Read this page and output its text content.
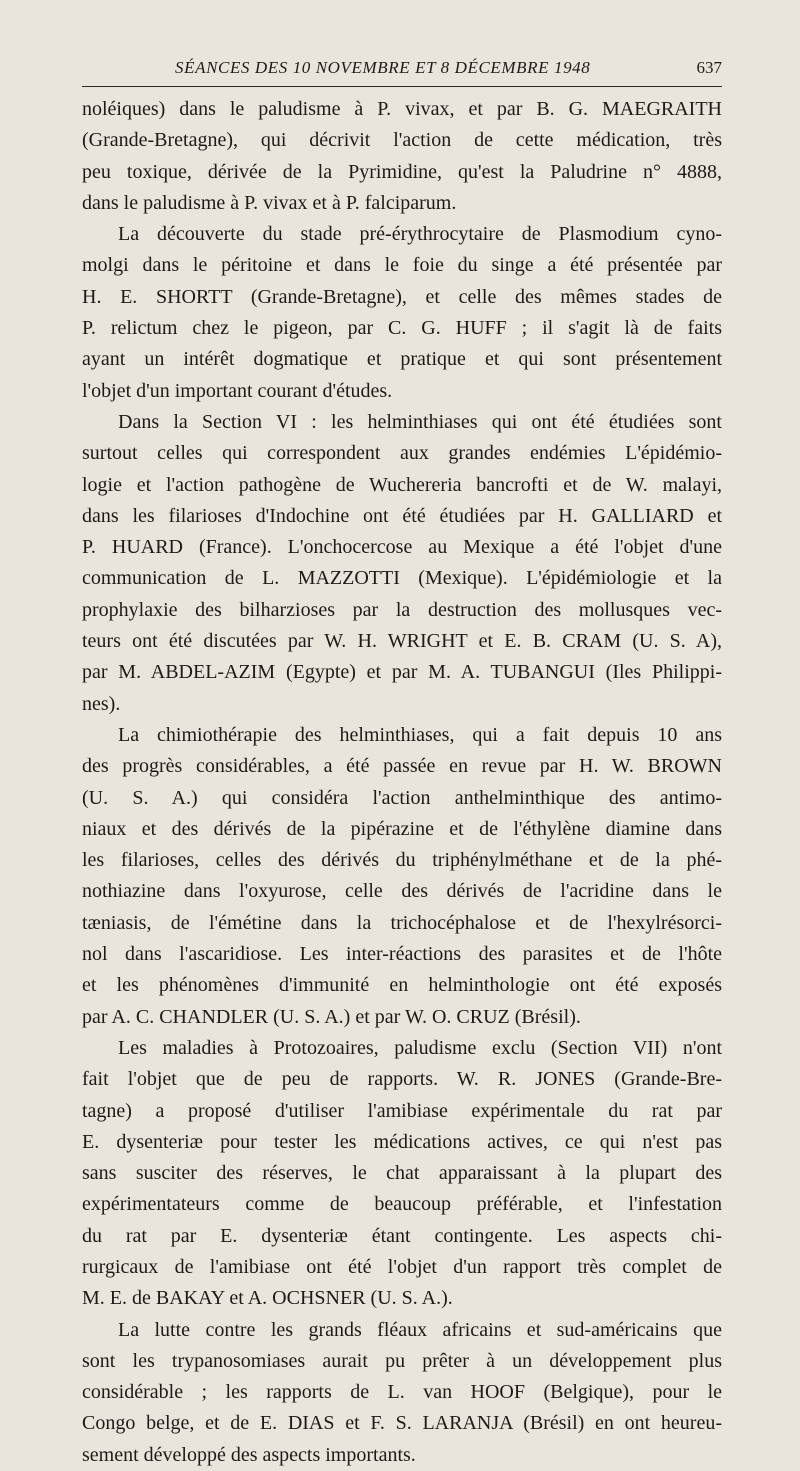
SÉANCES DES 10 NOVEMBRE ET 8 DÉCEMBRE 1948	637
noléiques) dans le paludisme à P. vivax, et par B. G. MAEGRAITH
(Grande-Bretagne), qui décrivit l'action de cette médication, très
peu toxique, dérivée de la Pyrimidine, qu'est la Paludrine n° 4888,
dans le paludisme à P. vivax et à P. falciparum.
La découverte du stade pré-érythrocytaire de Plasmodium cyno-
molgi dans le péritoine et dans le foie du singe a été présentée par
H. E. SHORTT (Grande-Bretagne), et celle des mêmes stades de
P. relictum chez le pigeon, par C. G. HUFF ; il s'agit là de faits
ayant un intérêt dogmatique et pratique et qui sont présentement
l'objet d'un important courant d'études.
Dans la Section VI : les helminthiases qui ont été étudiées sont
surtout celles qui correspondent aux grandes endémies L'épidémio-
logie et l'action pathogène de Wuchereria bancrofti et de W. malayi,
dans les filarioses d'Indochine ont été étudiées par H. GALLIARD et
P. HUARD (France). L'onchocercose au Mexique a été l'objet d'une
communication de L. MAZZOTTI (Mexique). L'épidémiologie et la
prophylaxie des bilharzioses par la destruction des mollusques vec-
teurs ont été discutées par W. H. WRIGHT et E. B. CRAM (U. S. A),
par M. ABDEL-AZIM (Egypte) et par M. A. TUBANGUI (Iles Philippi-
nes).
La chimiothérapie des helminthiases, qui a fait depuis 10 ans
des progrès considérables, a été passée en revue par H. W. BROWN
(U. S. A.) qui considéra l'action anthelminthique des antimo-
niaux et des dérivés de la pipérazine et de l'éthylène diamine dans
les filarioses, celles des dérivés du triphénylméthane et de la phé-
nothiazine dans l'oxyurose, celle des dérivés de l'acridine dans le
tæniasis, de l'émétine dans la trichocéphalose et de l'hexylrésorci-
nol dans l'ascaridiose. Les inter-réactions des parasites et de l'hôte
et les phénomènes d'immunité en helminthologie ont été exposés
par A. C. CHANDLER (U. S. A.) et par W. O. CRUZ (Brésil).
Les maladies à Protozoaires, paludisme exclu (Section VII) n'ont
fait l'objet que de peu de rapports. W. R. JONES (Grande-Bre-
tagne) a proposé d'utiliser l'amibiase expérimentale du rat par
E. dysenteriæ pour tester les médications actives, ce qui n'est pas
sans susciter des réserves, le chat apparaissant à la plupart des
expérimentateurs comme de beaucoup préférable, et l'infestation
du rat par E. dysenteriæ étant contingente. Les aspects chi-
rurgicaux de l'amibiase ont été l'objet d'un rapport très complet de
M. E. de BAKAY et A. OCHSNER (U. S. A.).
La lutte contre les grands fléaux africains et sud-américains que
sont les trypanosomiases aurait pu prêter à un développement plus
considérable ; les rapports de L. van HOOF (Belgique), pour le
Congo belge, et de E. DIAS et F. S. LARANJA (Brésil) en ont heureu-
sement développé des aspects importants.
